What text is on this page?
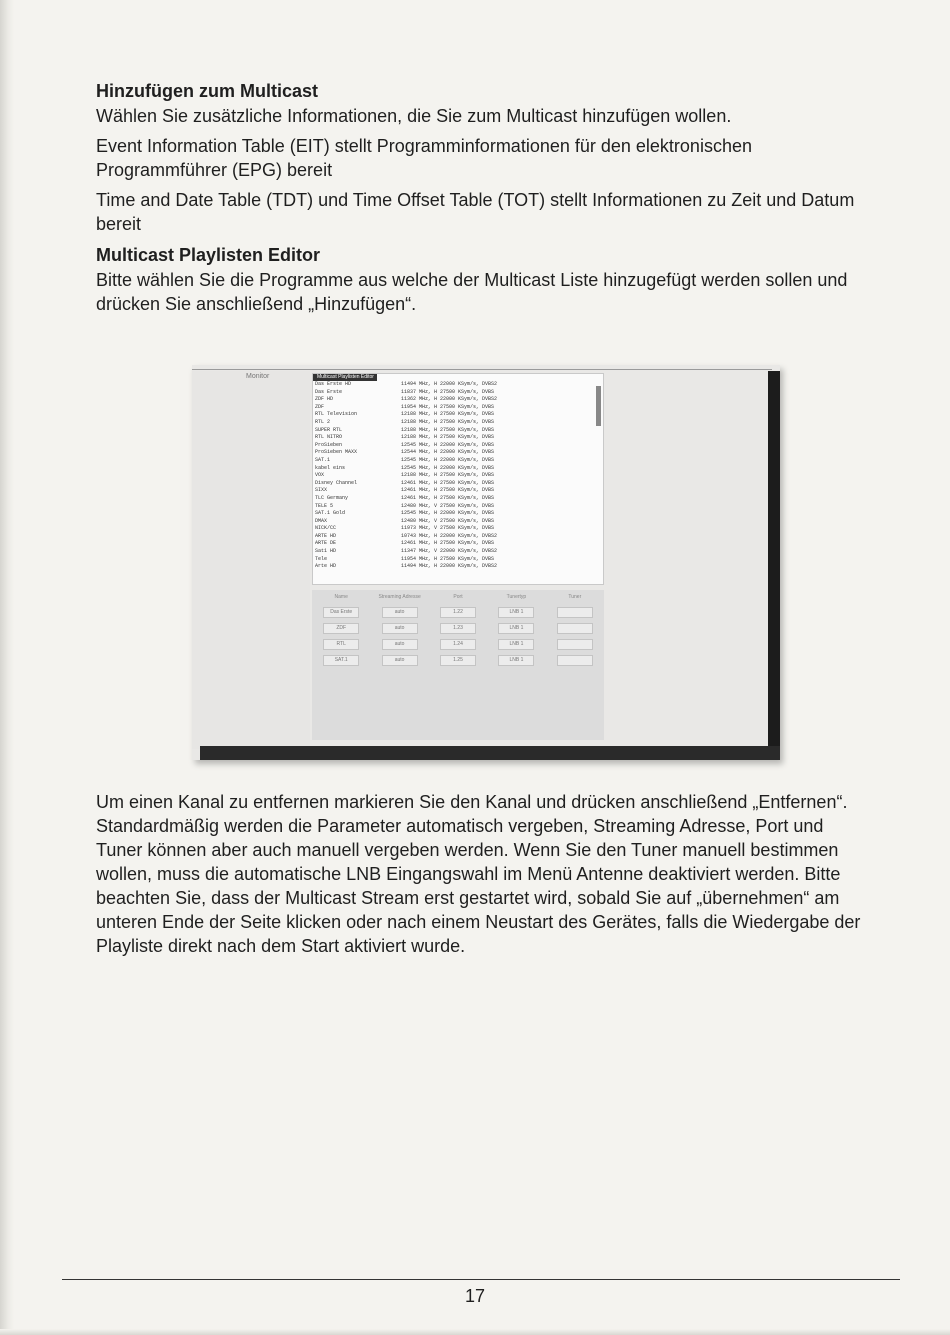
Hinzufügen zum Multicast

Wählen Sie zusätzliche Informationen, die Sie zum Multicast hinzufügen wollen.

Event Information Table (EIT) stellt Programminformationen für den elektronischen Programmführer (EPG) bereit

Time and Date Table (TDT) und Time Offset Table (TOT) stellt Informationen zu Zeit und Datum bereit

Multicast Playlisten Editor

Bitte wählen Sie die Programme aus welche der Multicast Liste hinzugefügt werden sollen und drücken Sie anschließend „Hinzufügen“.

Monitor	Multicast Playlisten Editor
Das Erste HD	11494 MHz, H 22000 KSym/s, DVBS2
Das Erste	11837 MHz, H 27500 KSym/s, DVBS
ZDF HD	11362 MHz, H 22000 KSym/s, DVBS2
ZDF	11954 MHz, H 27500 KSym/s, DVBS
RTL Television	12188 MHz, H 27500 KSym/s, DVBS
RTL 2	12188 MHz, H 27500 KSym/s, DVBS
SUPER RTL	12188 MHz, H 27500 KSym/s, DVBS
RTL NITRO	12188 MHz, H 27500 KSym/s, DVBS
ProSieben	12545 MHz, H 22000 KSym/s, DVBS
ProSieben MAXX	12544 MHz, H 22000 KSym/s, DVBS
SAT.1	12545 MHz, H 22000 KSym/s, DVBS
kabel eins	12545 MHz, H 22000 KSym/s, DVBS
VOX	12188 MHz, H 27500 KSym/s, DVBS
Disney Channel	12461 MHz, H 27500 KSym/s, DVBS
SIXX	12461 MHz, H 27500 KSym/s, DVBS
TLC Germany	12461 MHz, H 27500 KSym/s, DVBS
TELE 5	12480 MHz, V 27500 KSym/s, DVBS
SAT.1 Gold	12545 MHz, H 22000 KSym/s, DVBS
DMAX	12480 MHz, V 27500 KSym/s, DVBS
NICK/CC	11973 MHz, V 27500 KSym/s, DVBS
ARTE HD	10743 MHz, H 22000 KSym/s, DVBS2
ARTE DE	12461 MHz, H 27500 KSym/s, DVBS
Sat1 HD	11347 MHz, V 22000 KSym/s, DVBS2
Tele	11954 MHz, H 27500 KSym/s, DVBS
Arte HD	11494 MHz, H 22000 KSym/s, DVBS2
Name	Streaming Adresse	Port	Tunertyp	Tuner
Das Erste	auto	1.22	LNB 1
ZDF	auto	1.23	LNB 1
RTL	auto	1.24	LNB 1
SAT.1	auto	1.25	LNB 1

Um einen Kanal zu entfernen markieren Sie den Kanal und drücken anschließend „Entfernen“. Standardmäßig werden die Parameter automatisch vergeben, Streaming Adresse, Port und Tuner können aber auch manuell vergeben werden. Wenn Sie den Tuner manuell bestimmen wollen, muss die automatische LNB Eingangswahl im Menü Antenne deaktiviert werden. Bitte beachten Sie, dass der Multicast Stream erst gestartet wird, sobald Sie auf „übernehmen“ am unteren Ende der Seite klicken oder nach einem Neustart des Gerätes, falls die Wiedergabe der Playliste direkt nach dem Start aktiviert wurde.

17
